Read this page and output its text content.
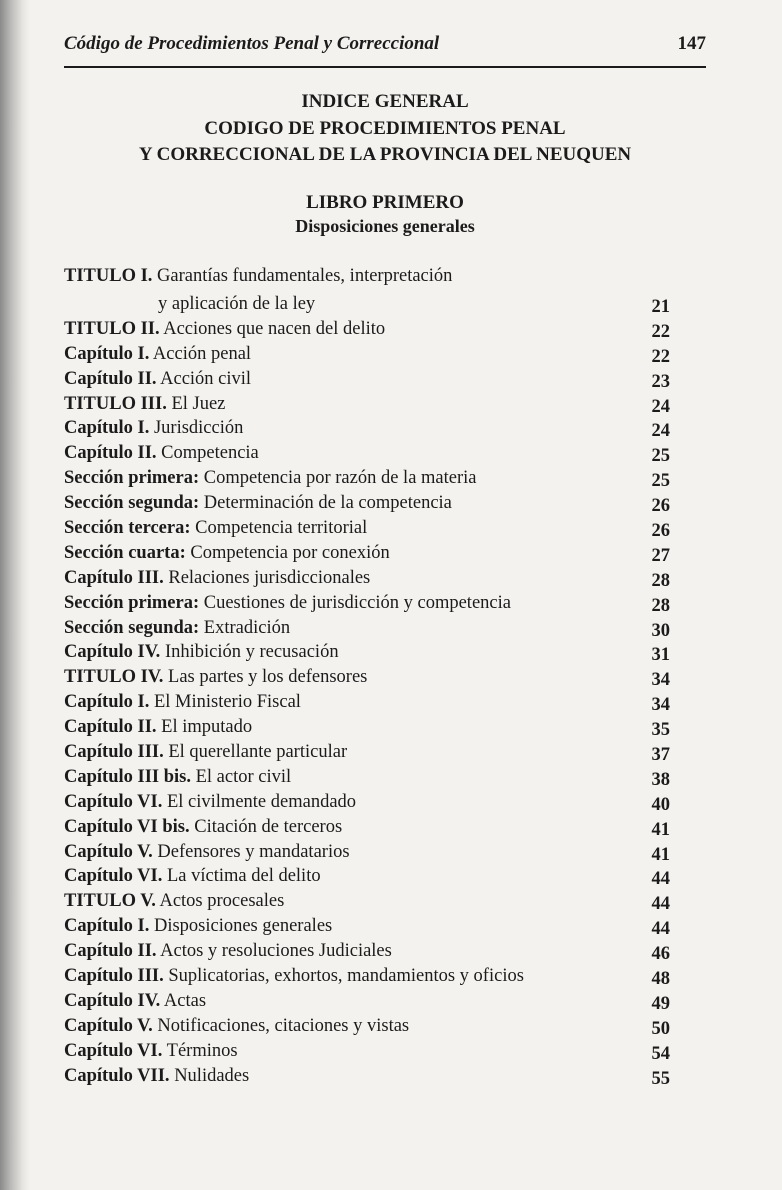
Código de Procedimientos Penal y Correccional	147
INDICE GENERAL
CODIGO DE PROCEDIMIENTOS PENAL
Y CORRECCIONAL DE LA PROVINCIA DEL NEUQUEN
LIBRO PRIMERO
Disposiciones generales
TITULO I. Garantías fundamentales, interpretación
y aplicación de la ley	21
TITULO II. Acciones que nacen del delito	22
Capítulo I. Acción penal	22
Capítulo II. Acción civil	23
TITULO III. El Juez	24
Capítulo I. Jurisdicción	24
Capítulo II. Competencia	25
Sección primera: Competencia por razón de la materia	25
Sección segunda: Determinación de la competencia	26
Sección tercera: Competencia territorial	26
Sección cuarta: Competencia por conexión	27
Capítulo III. Relaciones jurisdiccionales	28
Sección primera: Cuestiones de jurisdicción y competencia	28
Sección segunda: Extradición	30
Capítulo IV. Inhibición y recusación	31
TITULO IV. Las partes y los defensores	34
Capítulo I. El Ministerio Fiscal	34
Capítulo II. El imputado	35
Capítulo III. El querellante particular	37
Capítulo III bis. El actor civil	38
Capítulo VI. El civilmente demandado	40
Capítulo VI bis. Citación de terceros	41
Capítulo V. Defensores y mandatarios	41
Capítulo VI. La víctima del delito	44
TITULO V. Actos procesales	44
Capítulo I. Disposiciones generales	44
Capítulo II. Actos y resoluciones Judiciales	46
Capítulo III. Suplicatorias, exhortos, mandamientos y oficios	48
Capítulo IV. Actas	49
Capítulo V. Notificaciones, citaciones y vistas	50
Capítulo VI. Términos	54
Capítulo VII. Nulidades	55
